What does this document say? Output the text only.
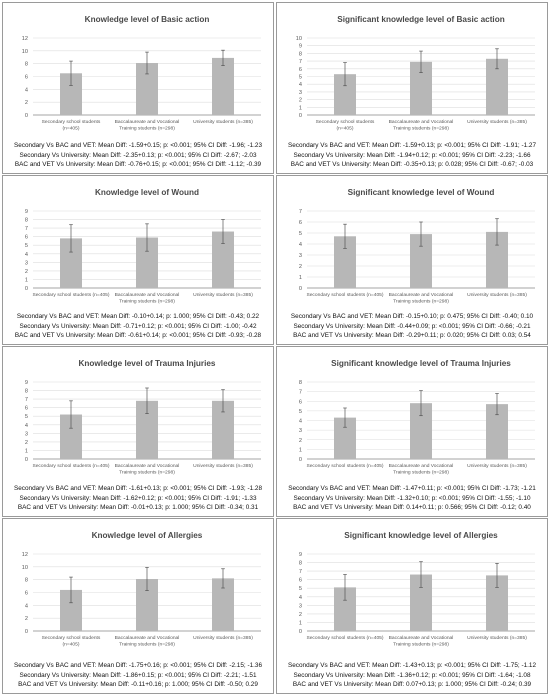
Knowledge level of Basic action
0
2
4
6
8
10
12
Secondary school students
(n=405)
Baccalaureate and Vocational
Training students (n=298)
University students (n=385)
Secondary Vs BAC and VET: Mean Diff: -1.59+0.15; p: <0.001; 95% CI Diff: -1.96; -1.23
Secondary Vs University: Mean Diff: -2.35+0.13; p: <0.001; 95% CI Diff: -2.67; -2.03
BAC and VET Vs University: Mean Diff: -0.76+0.15; p: <0.001; 95% CI Diff: -1.12; -0.39
Significant knowledge level of Basic action
0
1
2
3
4
5
6
7
8
9
10
Secondary school students
(n=405)
Baccalaureate and Vocational
Training students (n=298)
University students (n=385)
Secondary Vs BAC and VET: Mean Diff: -1.59+0.13; p: <0.001; 95% CI Diff: -1.91; -1.27
Secondary Vs University: Mean Diff: -1.94+0.12; p: <0.001; 95% CI Diff: -2.23; -1.66
BAC and VET Vs University: Mean Diff: -0.35+0.13; p: 0.028; 95% CI Diff: -0.67; -0.03
Knowledge level of Wound
0
1
2
3
4
5
6
7
8
9
Secondary school students (n=405) Baccalaureate and Vocational
Training students (n=298)
University students (n=385)
Secondary Vs BAC and VET: Mean Diff: -0.10+0.14; p: 1.000; 95% CI Diff: -0.43; 0.22
Secondary Vs University: Mean Diff: -0.71+0.12; p: <0.001; 95% CI Diff: -1.00; -0.42
BAC and VET Vs University: Mean Diff: -0.61+0.14; p: <0.001; 95% CI Diff: -0.93; -0.28
Significant knowledge level of Wound
0
1
2
3
4
5
6
7
Secondary school students (n=405) Baccalaureate and Vocational
Training students (n=298)
University students (n=385)
Secondary Vs BAC and VET: Mean Diff: -0.15+0.10; p: 0.475; 95% CI Diff: -0.40; 0.10
Secondary Vs University: Mean Diff: -0.44+0.09; p: <0.001; 95% CI Diff: -0.66; -0.21
BAC and VET Vs University: Mean Diff: -0.29+0.11; p: 0.020; 95% CI Diff: 0.03; 0.54
Knowledge level of Trauma Injuries
0
1
2
3
4
5
6
7
8
9
Secondary school students (n=405) Baccalaureate and Vocational
Training students (n=298)
University students (n=385)
Secondary Vs BAC and VET: Mean Diff: -1.61+0.13; p: <0.001; 95% CI Diff: -1.93; -1.28
Secondary Vs University: Mean Diff: -1.62+0.12; p: <0.001; 95% CI Diff: -1.91; -1.33
BAC and VET Vs University: Mean Diff: -0.01+0.13; p: 1.000; 95% CI Diff: -0.34; 0.31
Significant knowledge level of Trauma Injuries
0
1
2
3
4
5
6
7
8
Secondary school students (n=405) Baccalaureate and Vocational
Training students (n=298)
University students (n=385)
Secondary Vs BAC and VET: Mean Diff: -1.47+0.11; p: <0.001; 95% CI Diff: -1.73; -1.21
Secondary Vs University: Mean Diff: -1.32+0.10; p: <0.001; 95% CI Diff: -1.55; -1.10
BAC and VET Vs University: Mean Diff: 0.14+0.11; p: 0.566; 95% CI Diff: -0.12; 0.40
Knowledge level of Allergies
0
2
4
6
8
10
12
Secondary school students
(n=405)
Baccalaureate and Vocational
Training students (n=298)
University students (n=385)
Secondary Vs BAC and VET: Mean Diff: -1.75+0.16; p: <0.001; 95% CI Diff: -2.15; -1.36
Secondary Vs University: Mean Diff: -1.86+0.15; p: <0.001; 95% CI Diff: -2.21; -1.51
BAC and VET Vs University: Mean Diff: -0.11+0.16; p: 1.000; 95% CI Diff: -0.50; 0.29
Significant knowledge level of Allergies
0
1
2
3
4
5
6
7
8
9
Secondary school students (n=405) Baccalaureate and Vocational
Training students (n=298)
University students (n=385)
Secondary Vs BAC and VET: Mean Diff: -1.43+0.13; p: <0.001; 95% CI Diff: -1.75; -1.12
Secondary Vs University: Mean Diff: -1.36+0.12; p: <0.001; 95% CI Diff: -1.64; -1.08
BAC and VET Vs University: Mean Diff: 0.07+0.13; p: 1.000; 95% CI Diff: -0.24; 0.39
